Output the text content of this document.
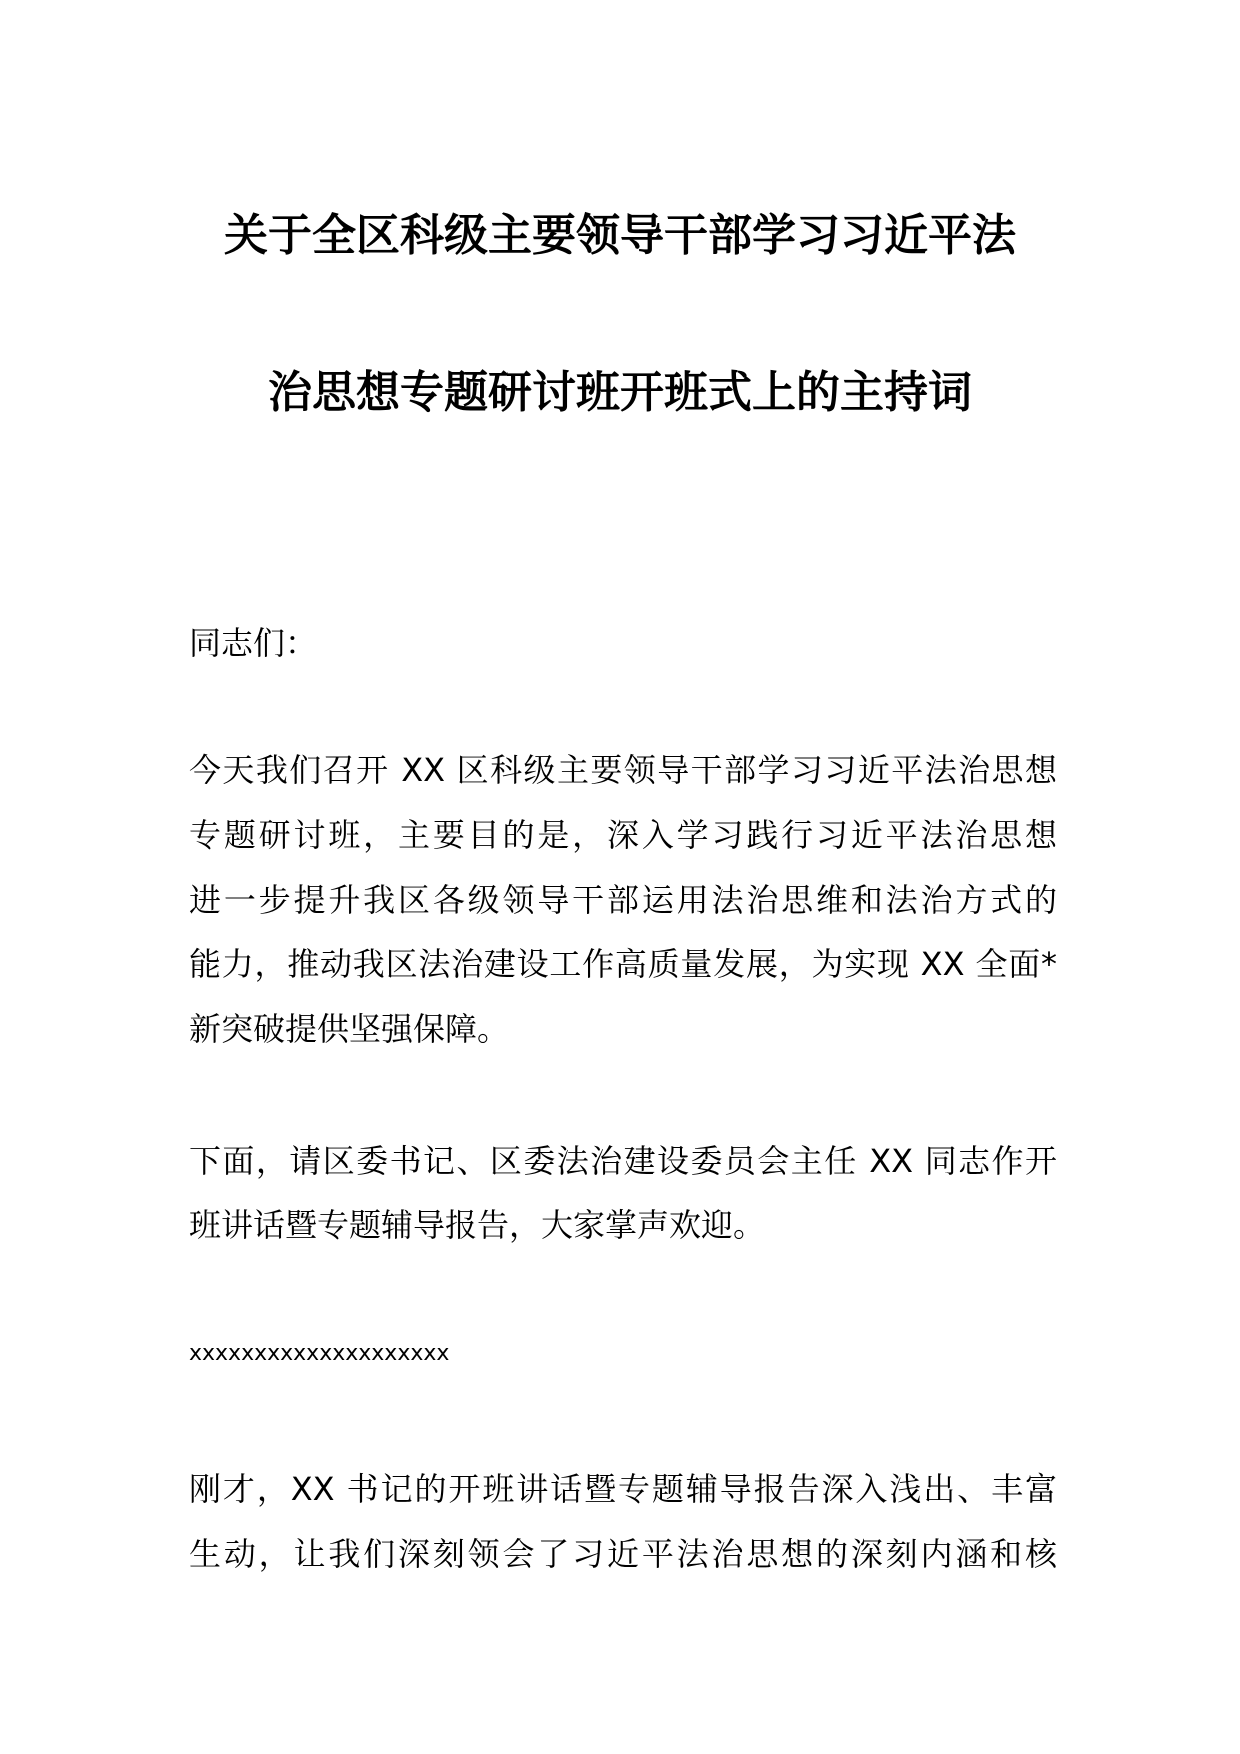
关于全区科级主要领导干部学习习近平法
治思想专题研讨班开班式上的主持词
同志们：
今天我们召开 XX 区科级主要领导干部学习习近平法治思想
专题研讨班，主要目的是，深入学习践行习近平法治思想
进一步提升我区各级领导干部运用法治思维和法治方式的
能力，推动我区法治建设工作高质量发展，为实现 XX 全面*
新突破提供坚强保障。
下面，请区委书记、区委法治建设委员会主任 XX 同志作开
班讲话暨专题辅导报告，大家掌声欢迎。
xxxxxxxxxxxxxxxxxxxx
刚才，XX 书记的开班讲话暨专题辅导报告深入浅出、丰富
生动，让我们深刻领会了习近平法治思想的深刻内涵和核
